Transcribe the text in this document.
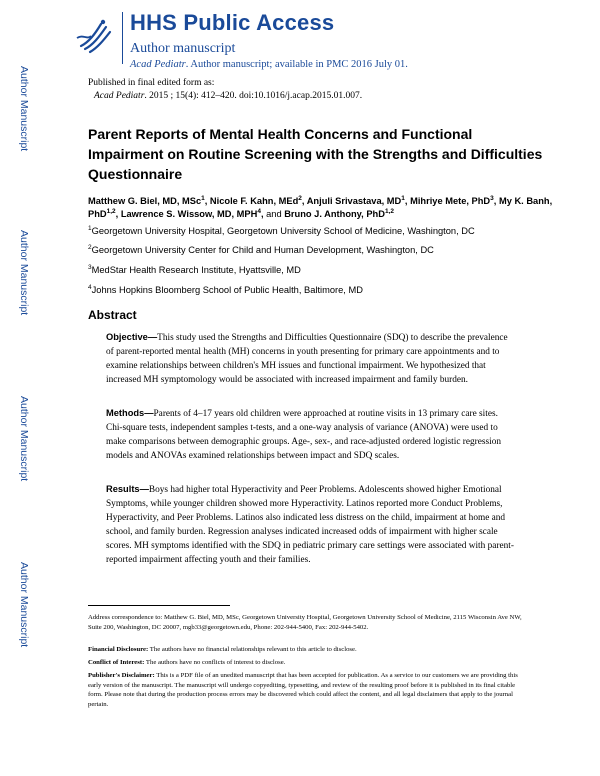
HHS Public Access
Author manuscript
Acad Pediatr. Author manuscript; available in PMC 2016 July 01.
Author Manuscript
Author Manuscript
Author Manuscript
Author Manuscript
Published in final edited form as:
Acad Pediatr. 2015 ; 15(4): 412–420. doi:10.1016/j.acap.2015.01.007.
Parent Reports of Mental Health Concerns and Functional Impairment on Routine Screening with the Strengths and Difficulties Questionnaire
Matthew G. Biel, MD, MSc$^1$, Nicole F. Kahn, MEd$^2$, Anjuli Srivastava, $MD^1$, Mihriye Mete, PhD$^3$, My K. Banh, PhD$^{1,2}$, Lawrence S. Wissow, MD, MPH$^4$, and Bruno J. Anthony, PhD$^{1,2}$
$^1$Georgetown University Hospital, Georgetown University School of Medicine, Washington, DC
$^2$Georgetown University Center for Child and Human Development, Washington, DC
$^3$MedStar Health Research Institute, Hyattsville, MD
$^4$Johns Hopkins Bloomberg School of Public Health, Baltimore, MD
Abstract
Objective—This study used the Strengths and Difficulties Questionnaire (SDQ) to describe the prevalence of parent-reported mental health (MH) concerns in youth presenting for primary care appointments and to examine relationships between children's MH issues and functional impairment. We hypothesized that increased MH symptomology would be associated with increased impairment and family burden.
Methods—Parents of 4–17 years old children were approached at routine visits in 13 primary care sites. Chi-square tests, independent samples t-tests, and a one-way analysis of variance (ANOVA) were used to make comparisons between demographic groups. Age-, sex-, and race-adjusted ordered logistic regression models and ANOVAs examined relationships between impact and SDQ scales.
Results—Boys had higher total Hyperactivity and Peer Problems. Adolescents showed higher Emotional Symptoms, while younger children showed more Hyperactivity. Latinos reported more Conduct Problems, Hyperactivity, and Peer Problems. Latinos also indicated less distress on the child, impairment at home and school, and family burden. Regression analyses indicated increased odds of impairment with higher scale scores. MH symptoms identified with the SDQ in pediatric primary care settings were associated with parent-reported impairment affecting youth and their families.
Address correspondence to: Matthew G. Biel, MD, MSc, Georgetown University Hospital, Georgetown University School of Medicine, 2115 Wisconsin Ave NW, Suite 200, Washington, DC 20007, mgb33@georgetown.edu, Phone: 202-944-5400, Fax: 202-944-5402.
Financial Disclosure: The authors have no financial relationships relevant to this article to disclose.
Conflict of Interest: The authors have no conflicts of interest to disclose.
Publisher's Disclaimer: This is a PDF file of an unedited manuscript that has been accepted for publication. As a service to our customers we are providing this early version of the manuscript. The manuscript will undergo copyediting, typesetting, and review of the resulting proof before it is published in its final citable form. Please note that during the production process errors may be discovered which could affect the content, and all legal disclaimers that apply to the journal pertain.
